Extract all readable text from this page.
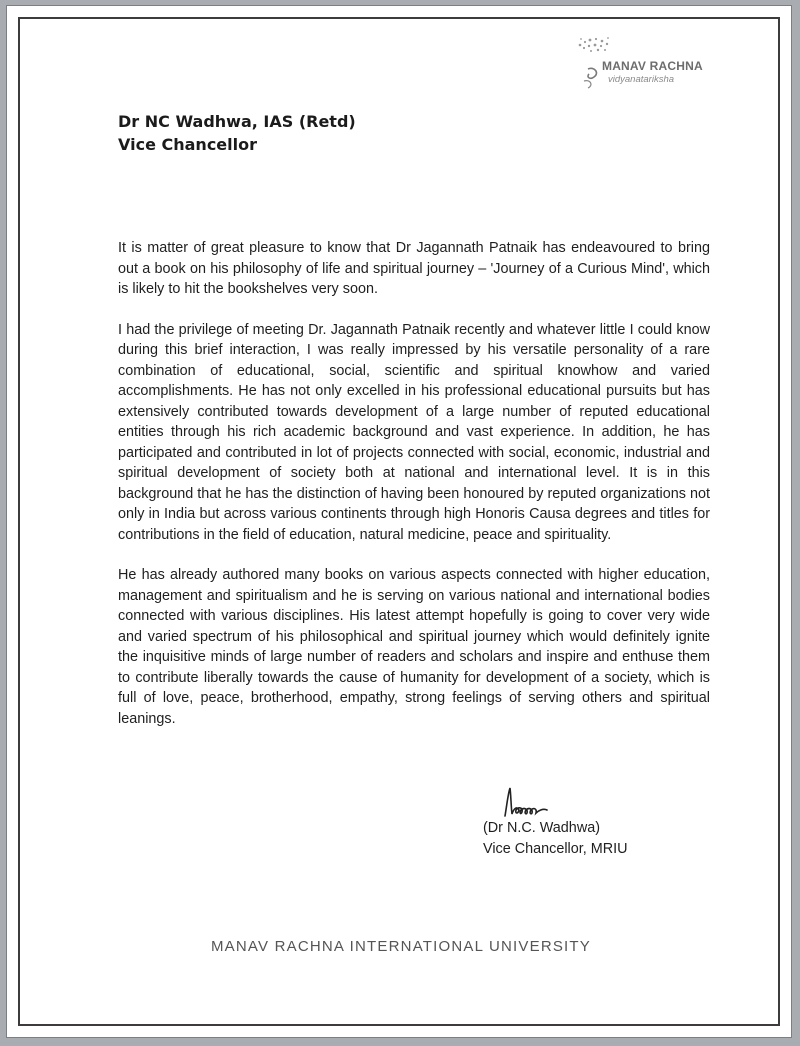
MANAV RACHNA
vidyanatariksha
Dr NC Wadhwa, IAS (Retd)
Vice Chancellor

It is matter of great pleasure to know that Dr Jagannath Patnaik has endeavoured to bring out a book on his philosophy of life and spiritual journey – 'Journey of a Curious Mind', which is likely to hit the bookshelves very soon.

I had the privilege of meeting Dr. Jagannath Patnaik recently and whatever little I could know during this brief interaction, I was really impressed by his versatile personality of a rare combination of educational, social, scientific and spiritual knowhow and varied accomplishments. He has not only excelled in his professional educational pursuits but has extensively contributed towards development of a large number of reputed educational entities through his rich academic background and vast experience. In addition, he has participated and contributed in lot of projects connected with social, economic, industrial and spiritual development of society both at national and international level. It is in this background that he has the distinction of having been honoured by reputed organizations not only in India but across various continents through high Honoris Causa degrees and titles for contributions in the field of education, natural medicine, peace and spirituality.

He has already authored many books on various aspects connected with higher education, management and spiritualism and he is serving on various national and international bodies connected with various disciplines. His latest attempt hopefully is going to cover very wide and varied spectrum of his philosophical and spiritual journey which would definitely ignite the inquisitive minds of large number of readers and scholars and inspire and enthuse them to contribute liberally towards the cause of humanity for development of a society, which is full of love, peace, brotherhood, empathy, strong feelings of serving others and spiritual leanings.

(Dr N.C. Wadhwa)
Vice Chancellor, MRIU
MANAV RACHNA INTERNATIONAL UNIVERSITY
